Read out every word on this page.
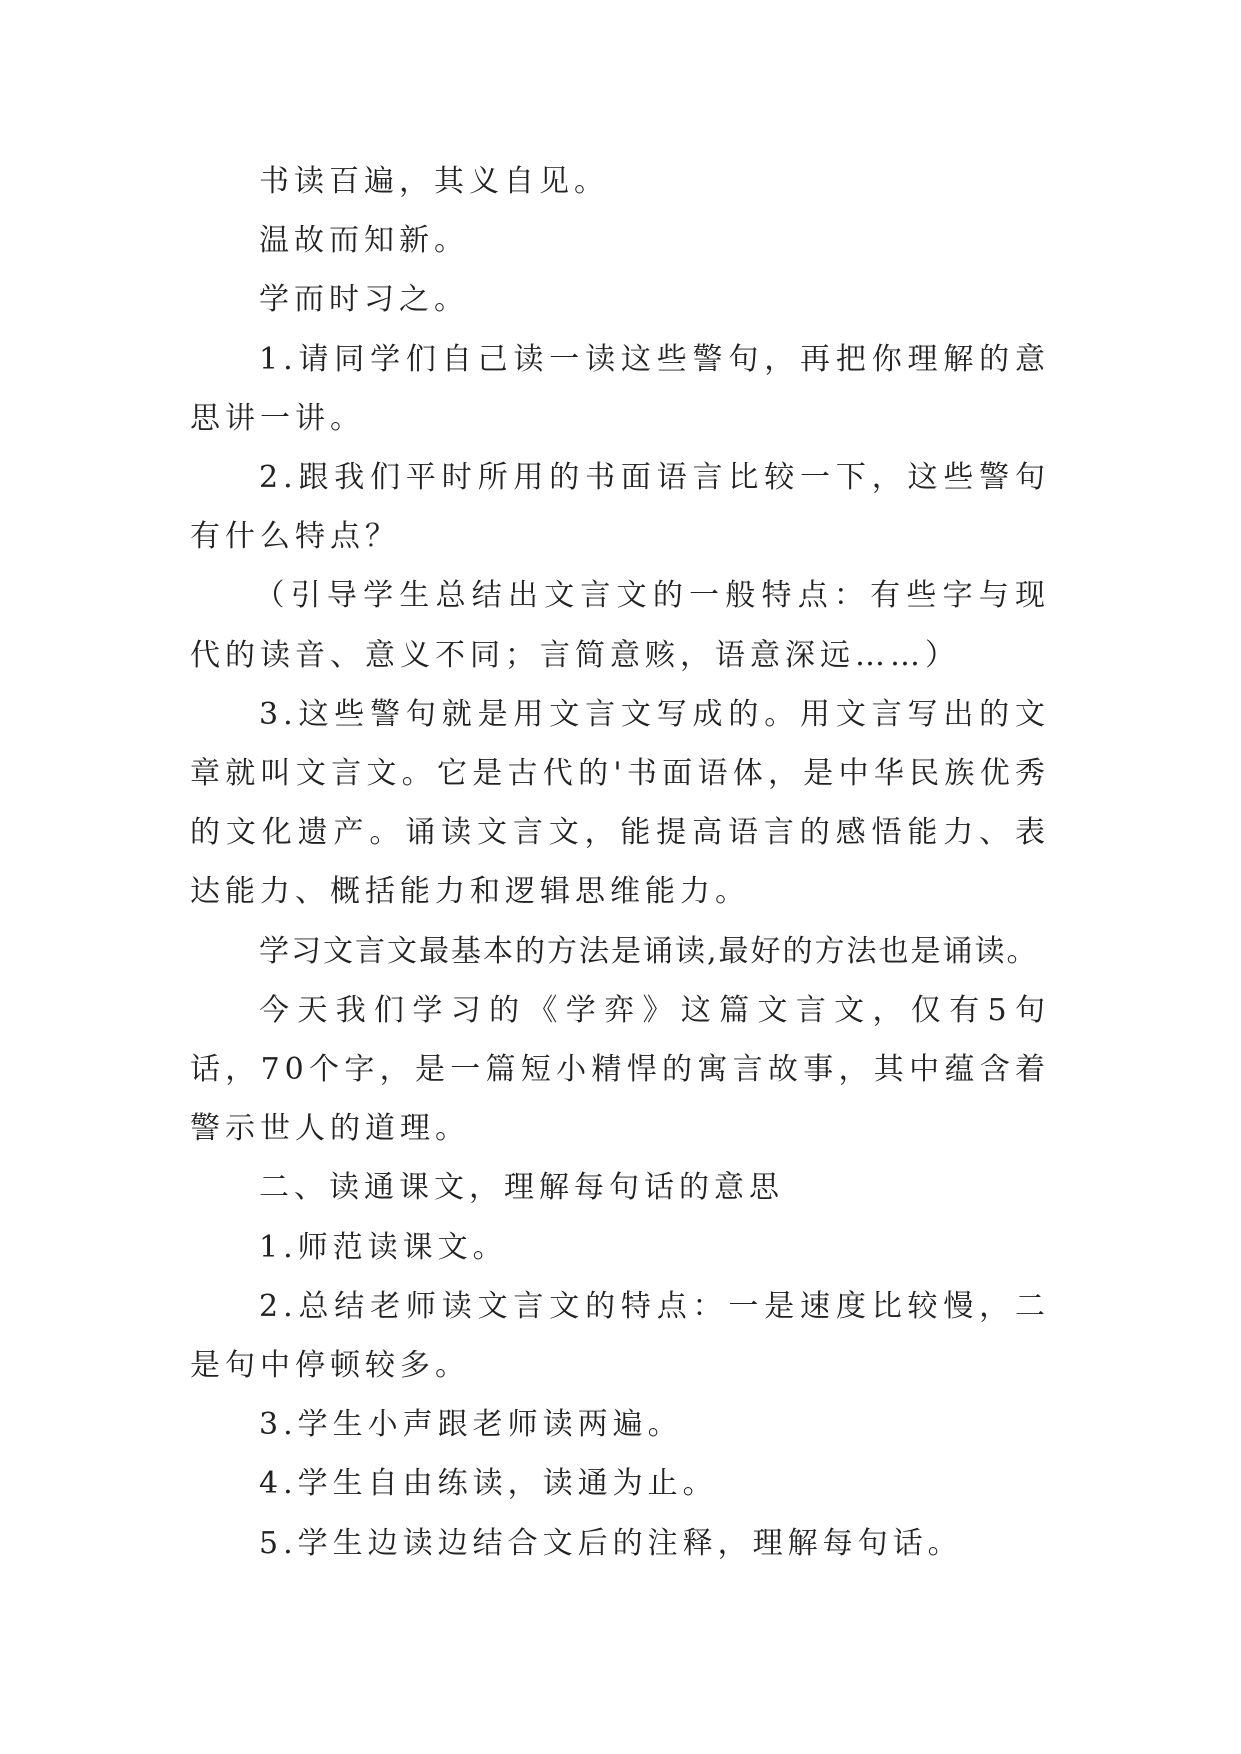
书读百遍，其义自见。

温故而知新。

学而时习之。

1.请同学们自己读一读这些警句，再把你理解的意思讲一讲。

2.跟我们平时所用的书面语言比较一下，这些警句有什么特点？

（引导学生总结出文言文的一般特点：有些字与现代的读音、意义不同；言简意赅，语意深远……）

3.这些警句就是用文言文写成的。用文言写出的文章就叫文言文。它是古代的'书面语体，是中华民族优秀的文化遗产。诵读文言文，能提高语言的感悟能力、表达能力、概括能力和逻辑思维能力。

学习文言文最基本的方法是诵读,最好的方法也是诵读。

今天我们学习的《学弈》这篇文言文，仅有5句话，70个字，是一篇短小精悍的寓言故事，其中蕴含着警示世人的道理。

二、读通课文，理解每句话的意思

1.师范读课文。

2.总结老师读文言文的特点：一是速度比较慢，二是句中停顿较多。

3.学生小声跟老师读两遍。

4.学生自由练读，读通为止。

5.学生边读边结合文后的注释，理解每句话。
